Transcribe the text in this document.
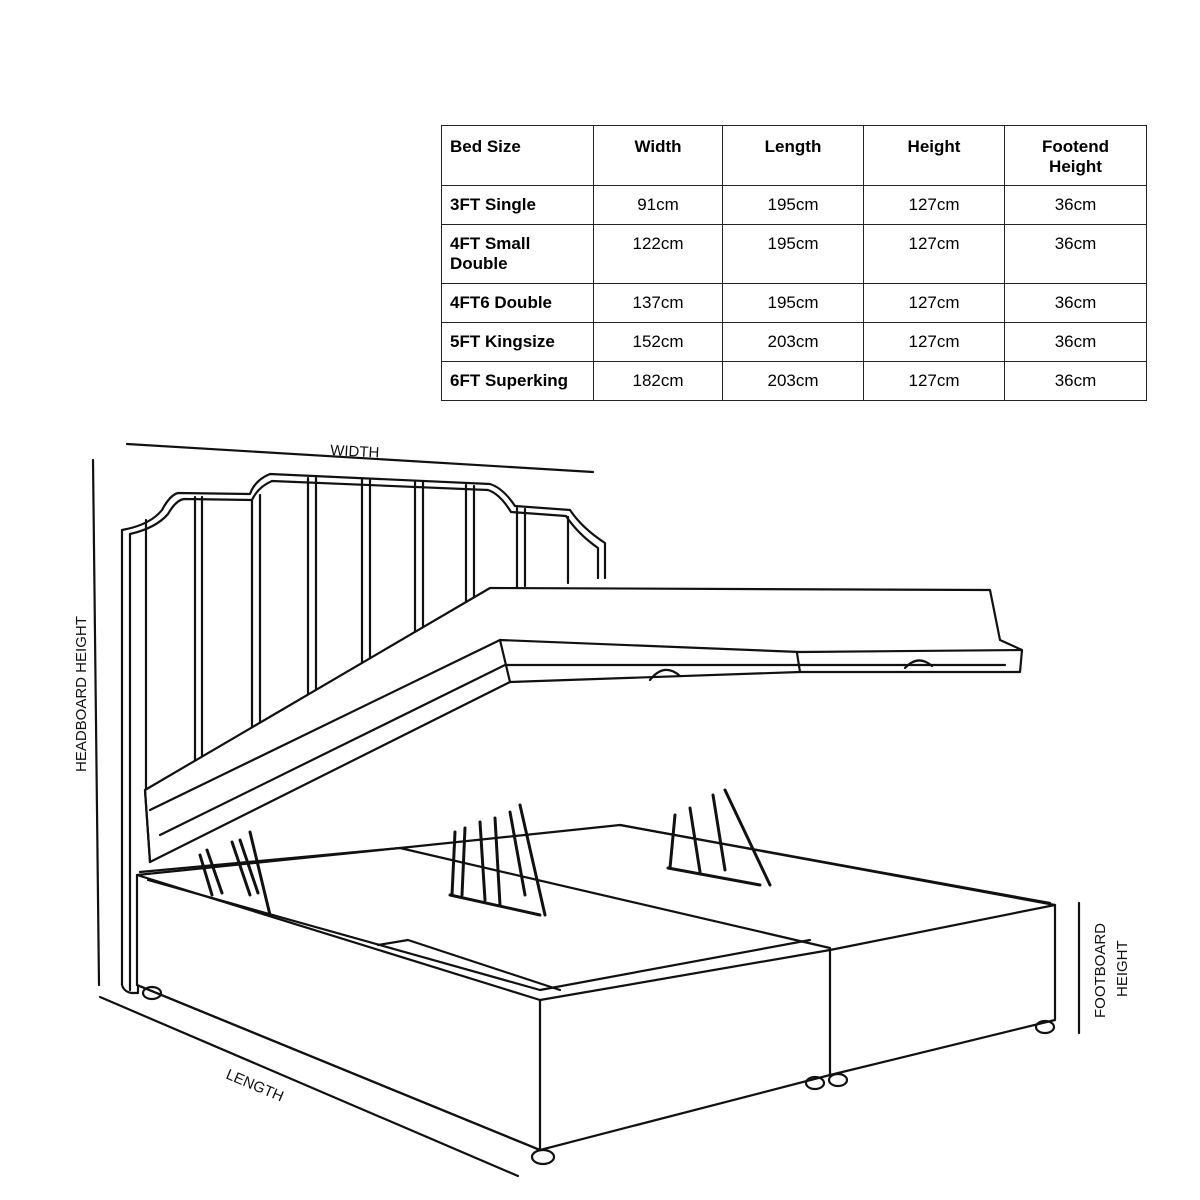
Bed Size	Width	Length	Height	Footend
Height
3FT Single	91cm	195cm	127cm	36cm

4FT Small Double	122cm	195cm	127cm	36cm
4FT6 Double	137cm	195cm	127cm	36cm
5FT Kingsize	152cm	203cm	127cm	36cm
6FT Superking	182cm	203cm	127cm	36cm
WIDTH
LENGTH
HEADBOARD HEIGHT
FOOTBOARD HEIGHT
